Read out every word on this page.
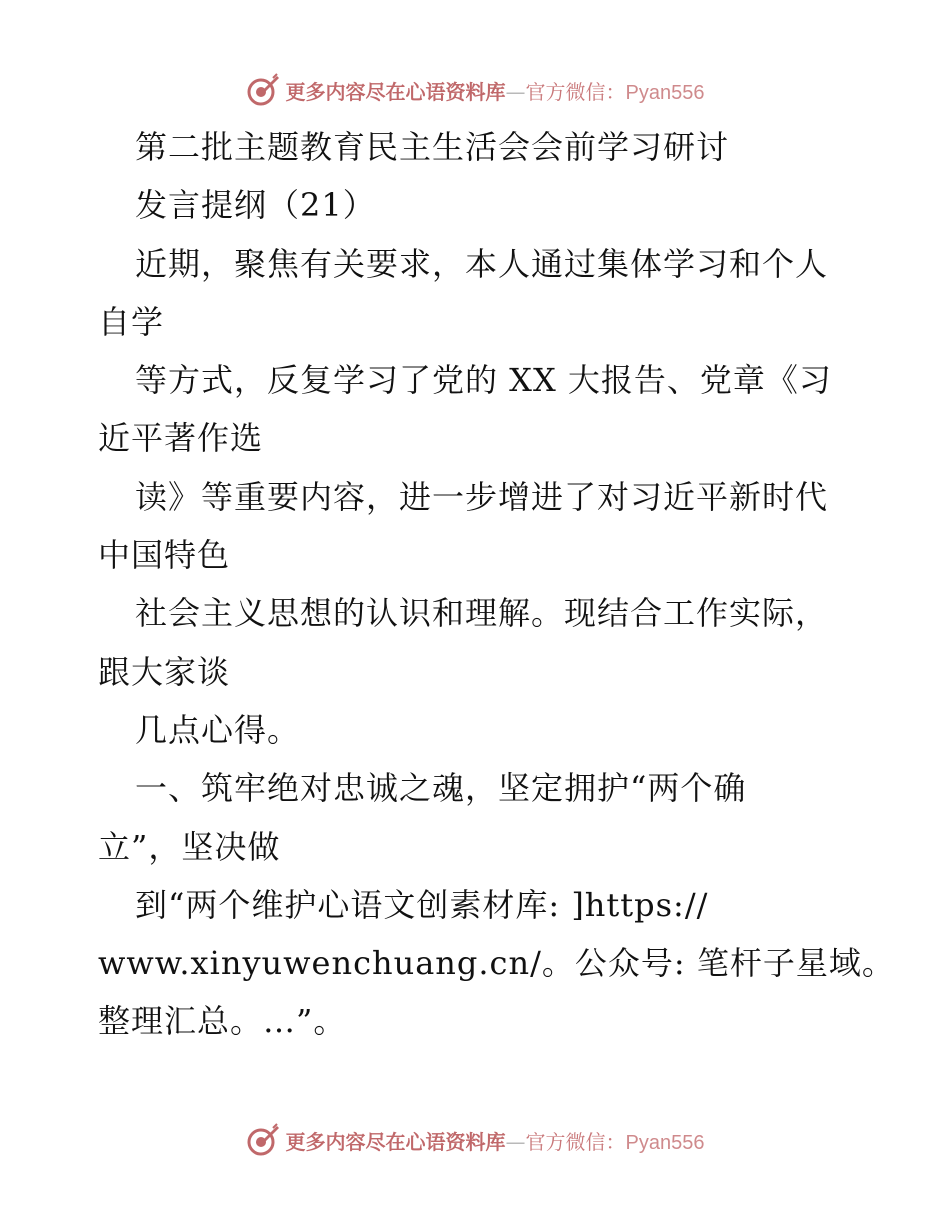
更多内容尽在心语资料库—官方微信：Pyan556
第二批主题教育民主生活会会前学习研讨
发言提纲（21）
近期，聚焦有关要求，本人通过集体学习和个人
自学
等方式，反复学习了党的 XX 大报告、党章《习
近平著作选
读》等重要内容，进一步增进了对习近平新时代
中国特色
社会主义思想的认识和理解。现结合工作实际，
跟大家谈
几点心得。
一、筑牢绝对忠诚之魂，坚定拥护“两个确
立”，坚决做
到“两个维护心语文创素材库: ]https://
www.xinyuwenchuang.cn/。公众号: 笔杆子星域。
整理汇总。…”。
更多内容尽在心语资料库—官方微信：Pyan556
